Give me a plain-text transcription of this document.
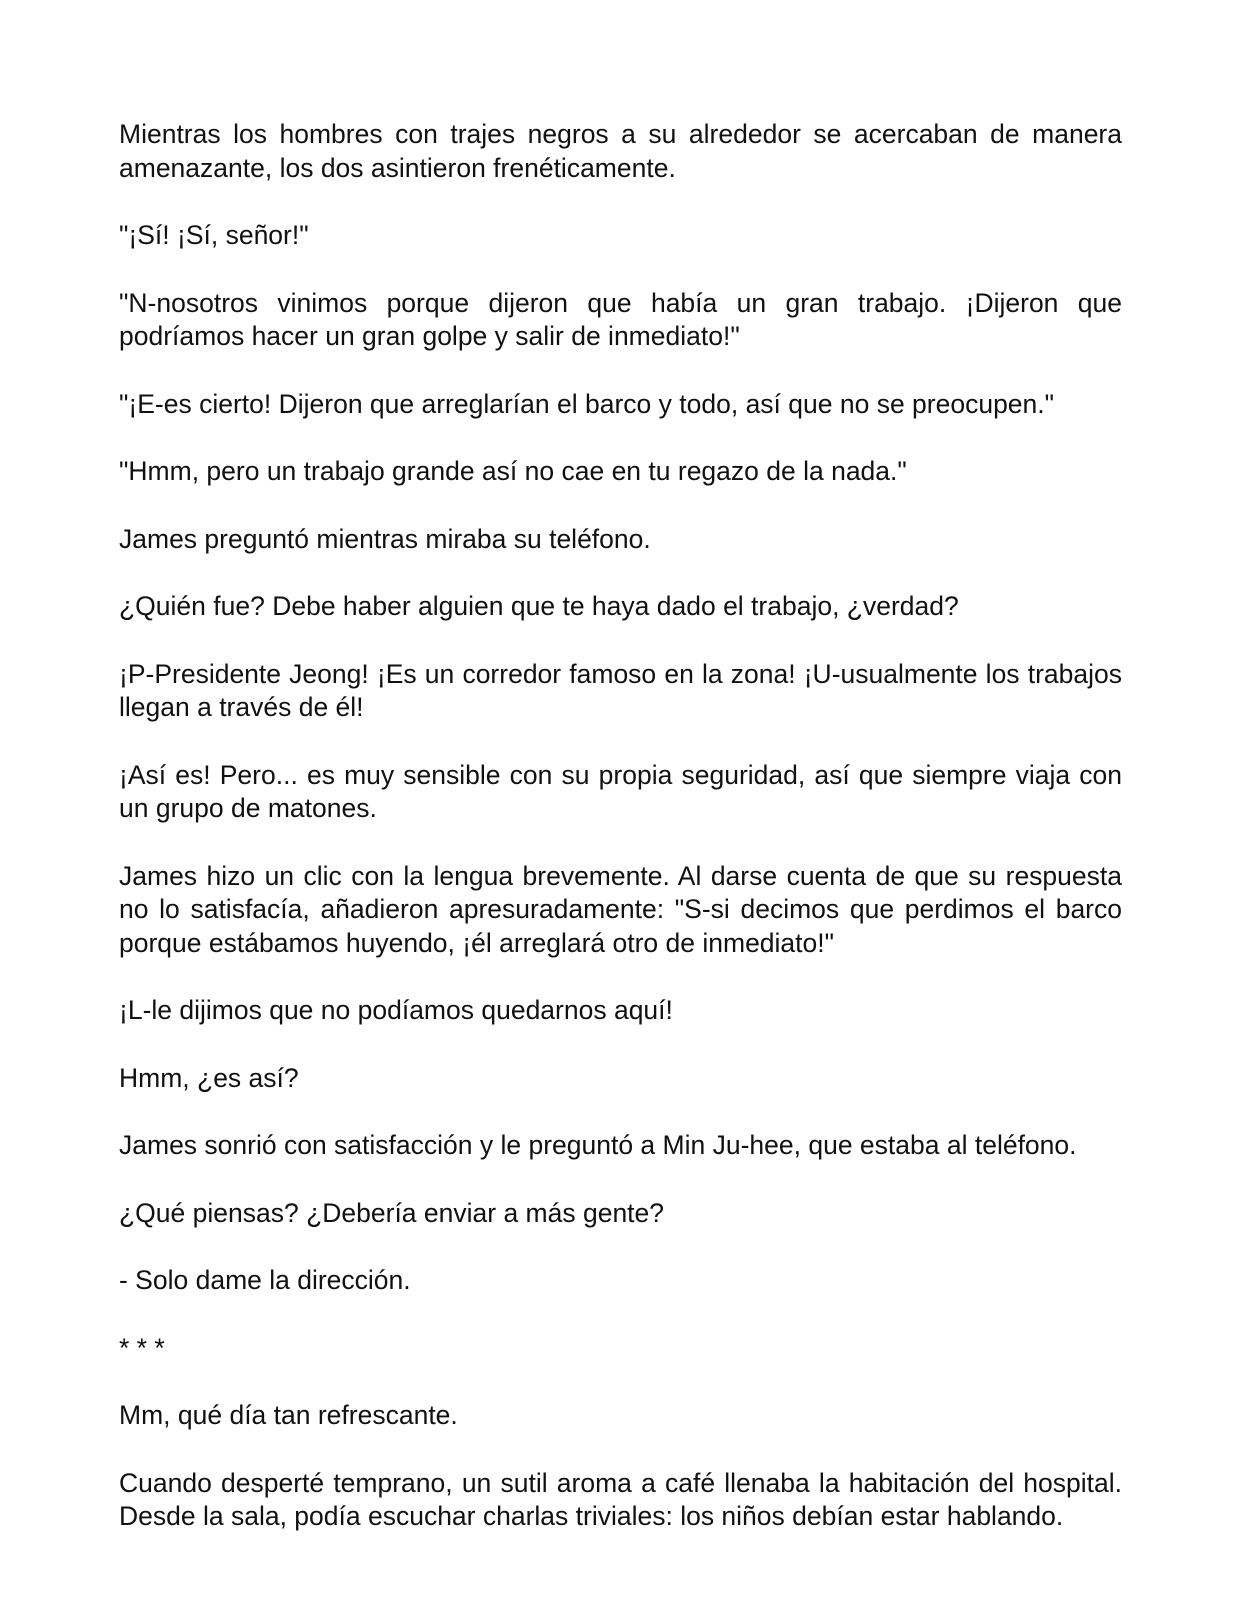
Mientras los hombres con trajes negros a su alrededor se acercaban de manera amenazante, los dos asintieron frenéticamente.

"¡Sí! ¡Sí, señor!"

"N-nosotros vinimos porque dijeron que había un gran trabajo. ¡Dijeron que podríamos hacer un gran golpe y salir de inmediato!"

"¡E-es cierto! Dijeron que arreglarían el barco y todo, así que no se preocupen."

"Hmm, pero un trabajo grande así no cae en tu regazo de la nada."

James preguntó mientras miraba su teléfono.

¿Quién fue? Debe haber alguien que te haya dado el trabajo, ¿verdad?

¡P-Presidente Jeong! ¡Es un corredor famoso en la zona! ¡U-usualmente los trabajos llegan a través de él!

¡Así es! Pero... es muy sensible con su propia seguridad, así que siempre viaja con un grupo de matones.

James hizo un clic con la lengua brevemente. Al darse cuenta de que su respuesta no lo satisfacía, añadieron apresuradamente: "S-si decimos que perdimos el barco porque estábamos huyendo, ¡él arreglará otro de inmediato!"

¡L-le dijimos que no podíamos quedarnos aquí!

Hmm, ¿es así?

James sonrió con satisfacción y le preguntó a Min Ju-hee, que estaba al teléfono.

¿Qué piensas? ¿Debería enviar a más gente?

- Solo dame la dirección.

* * *

Mm, qué día tan refrescante.

Cuando desperté temprano, un sutil aroma a café llenaba la habitación del hospital. Desde la sala, podía escuchar charlas triviales: los niños debían estar hablando.
